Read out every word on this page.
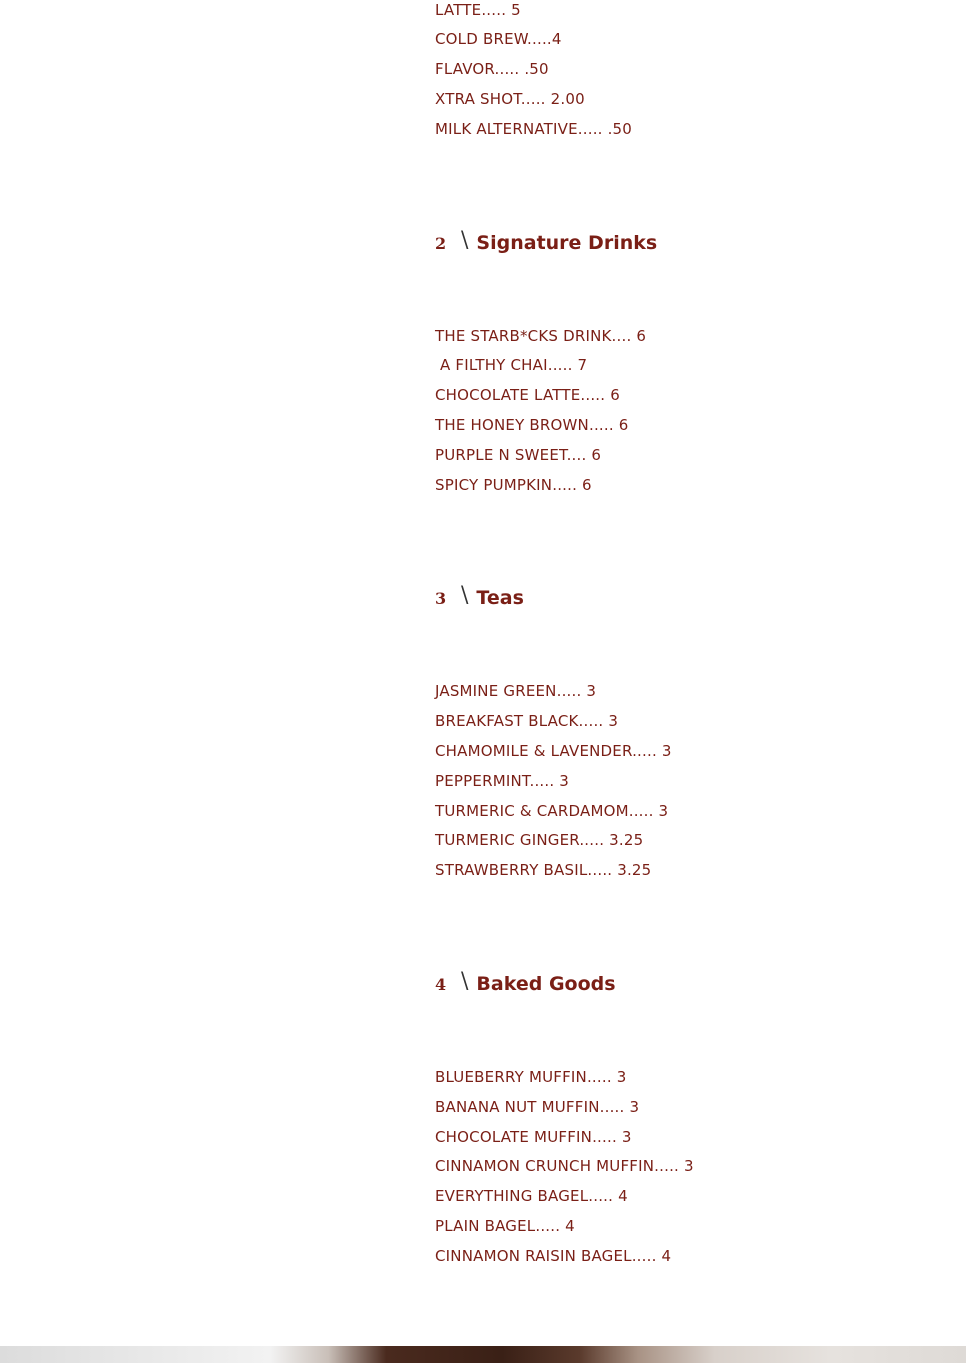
LATTE..... 5
COLD BREW.....4
FLAVOR..... .50
XTRA SHOT..... 2.00
MILK ALTERNATIVE..... .50
2 \ Signature Drinks
THE STARB*CKS DRINK.... 6
A FILTHY CHAI..... 7
CHOCOLATE LATTE..... 6
THE HONEY BROWN..... 6
PURPLE N SWEET.... 6
SPICY PUMPKIN..... 6
3 \ Teas
JASMINE GREEN..... 3
BREAKFAST BLACK..... 3
CHAMOMILE & LAVENDER..... 3
PEPPERMINT..... 3
TURMERIC & CARDAMOM..... 3
TURMERIC GINGER..... 3.25
STRAWBERRY BASIL..... 3.25
4 \ Baked Goods
BLUEBERRY MUFFIN..... 3
BANANA NUT MUFFIN..... 3
CHOCOLATE MUFFIN..... 3
CINNAMON CRUNCH MUFFIN..... 3
EVERYTHING BAGEL..... 4
PLAIN BAGEL..... 4
CINNAMON RAISIN BAGEL..... 4
